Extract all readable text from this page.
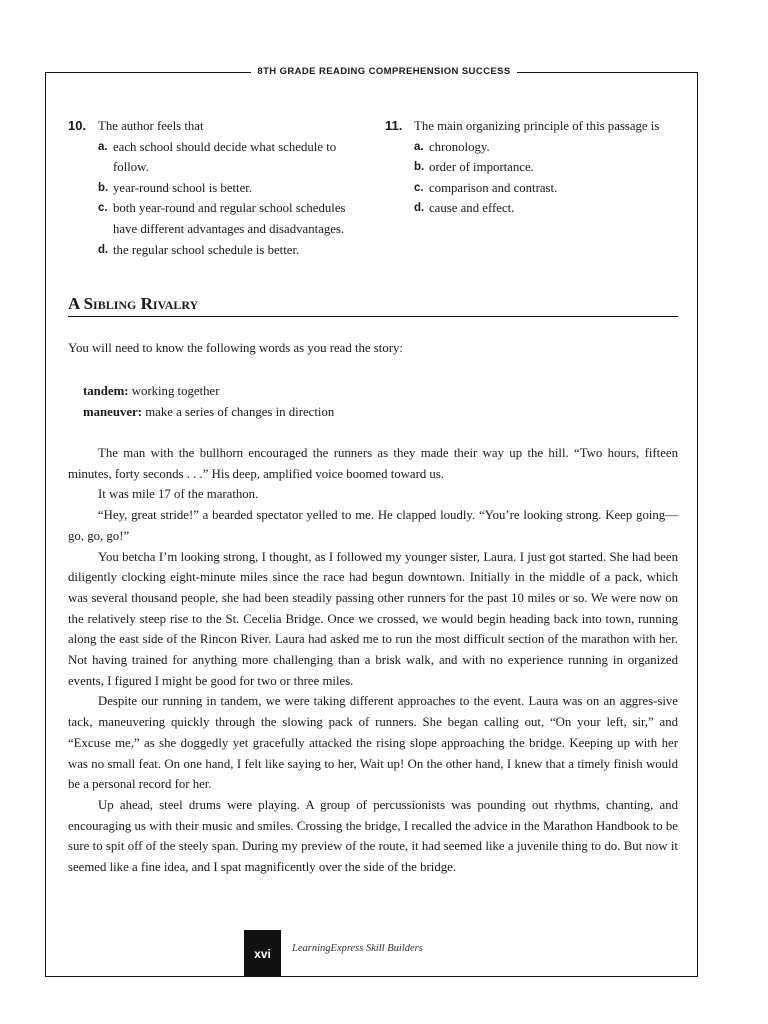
8TH GRADE READING COMPREHENSION SUCCESS
10. The author feels that
a. each school should decide what schedule to follow.
b. year-round school is better.
c. both year-round and regular school schedules have different advantages and disadvantages.
d. the regular school schedule is better.
11. The main organizing principle of this passage is
a. chronology.
b. order of importance.
c. comparison and contrast.
d. cause and effect.
A Sibling Rivalry
You will need to know the following words as you read the story:
tandem: working together
maneuver: make a series of changes in direction

The man with the bullhorn encouraged the runners as they made their way up the hill. “Two hours, fifteen minutes, forty seconds . . .” His deep, amplified voice boomed toward us.

It was mile 17 of the marathon.

“Hey, great stride!” a bearded spectator yelled to me. He clapped loudly. “You’re looking strong. Keep going—go, go, go!”

You betcha I’m looking strong, I thought, as I followed my younger sister, Laura. I just got started. She had been diligently clocking eight-minute miles since the race had begun downtown. Initially in the middle of a pack, which was several thousand people, she had been steadily passing other runners for the past 10 miles or so. We were now on the relatively steep rise to the St. Cecelia Bridge. Once we crossed, we would begin heading back into town, running along the east side of the Rincon River. Laura had asked me to run the most difficult section of the marathon with her. Not having trained for anything more challenging than a brisk walk, and with no experience running in organized events, I figured I might be good for two or three miles.

Despite our running in tandem, we were taking different approaches to the event. Laura was on an aggres-sive tack, maneuvering quickly through the slowing pack of runners. She began calling out, “On your left, sir,” and “Excuse me,” as she doggedly yet gracefully attacked the rising slope approaching the bridge. Keeping up with her was no small feat. On one hand, I felt like saying to her, Wait up! On the other hand, I knew that a timely finish would be a personal record for her.

Up ahead, steel drums were playing. A group of percussionists was pounding out rhythms, chanting, and encouraging us with their music and smiles. Crossing the bridge, I recalled the advice in the Marathon Handbook to be sure to spit off of the steely span. During my preview of the route, it had seemed like a juvenile thing to do. But now it seemed like a fine idea, and I spat magnificently over the side of the bridge.

xvi LearningExpress Skill Builders
